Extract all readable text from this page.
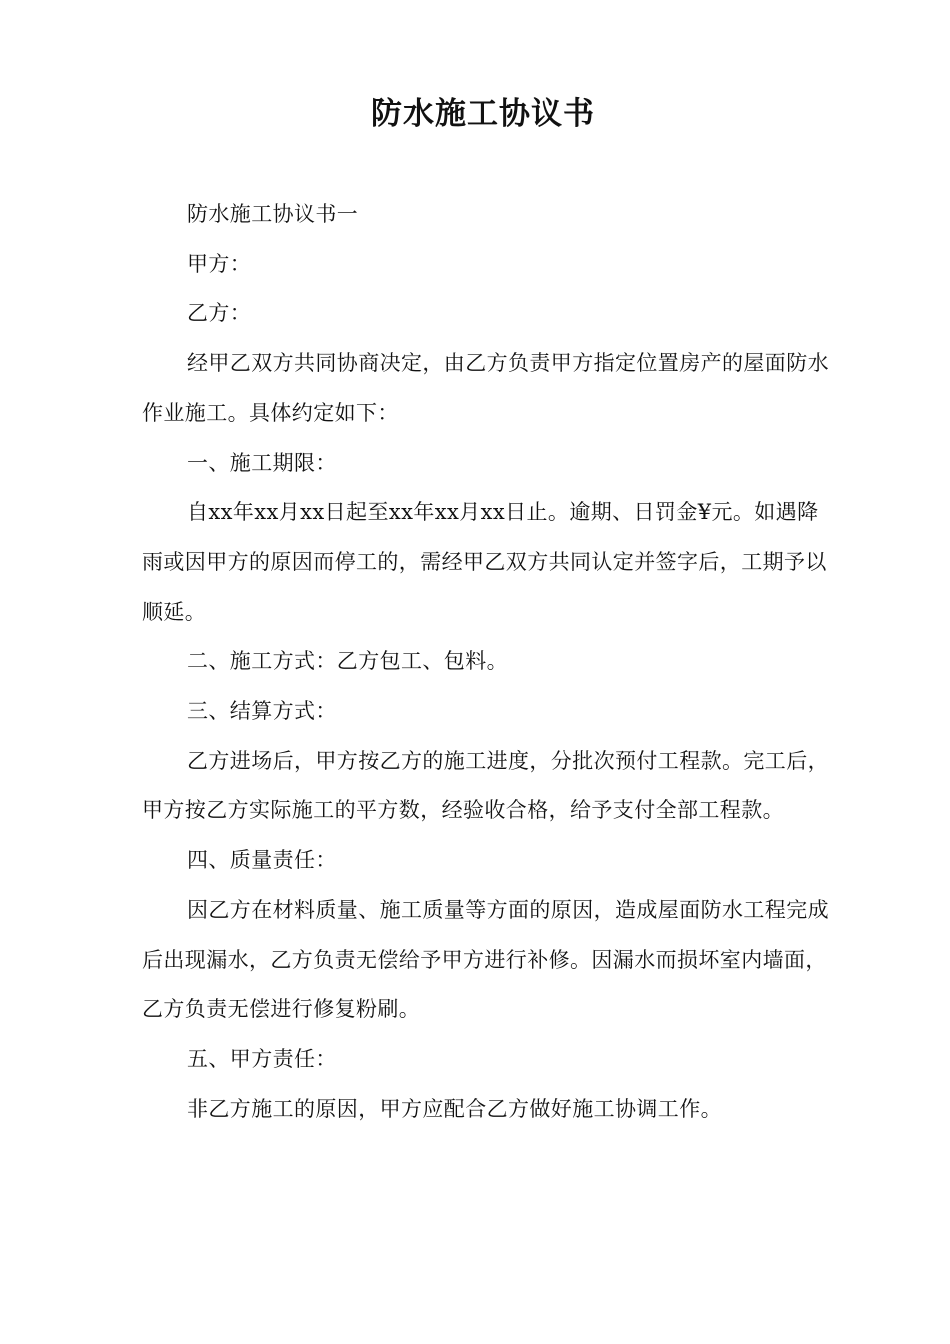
防水施工协议书

防水施工协议书一

甲方：

乙方：

经甲乙双方共同协商决定，由乙方负责甲方指定位置房产的屋面防水作业施工。具体约定如下：

一、施工期限：

自xx年xx月xx日起至xx年xx月xx日止。逾期、日罚金¥元。如遇降雨或因甲方的原因而停工的，需经甲乙双方共同认定并签字后，工期予以顺延。

二、施工方式：乙方包工、包料。

三、结算方式：

乙方进场后，甲方按乙方的施工进度，分批次预付工程款。完工后，甲方按乙方实际施工的平方数，经验收合格，给予支付全部工程款。

四、质量责任：

因乙方在材料质量、施工质量等方面的原因，造成屋面防水工程完成后出现漏水，乙方负责无偿给予甲方进行补修。因漏水而损坏室内墙面，乙方负责无偿进行修复粉刷。

五、甲方责任：

非乙方施工的原因，甲方应配合乙方做好施工协调工作。
